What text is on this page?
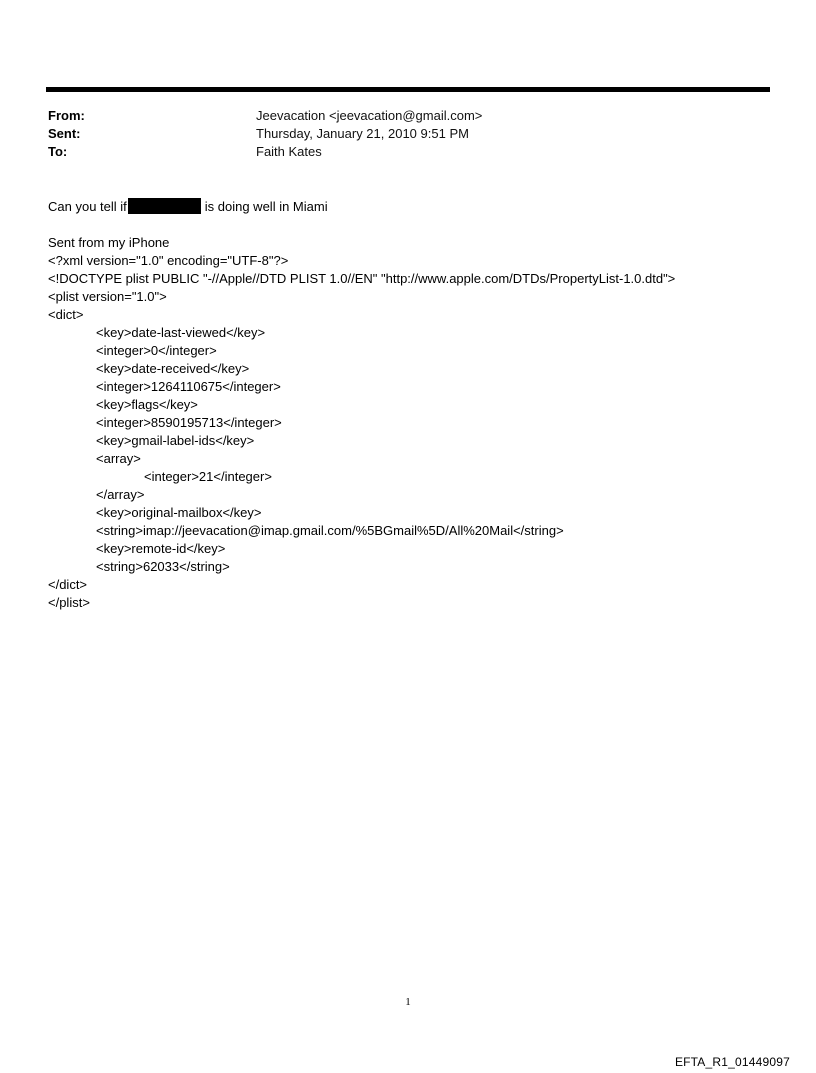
From:	Jeevacation <jeevacation@gmail.com>
Sent:	Thursday, January 21, 2010 9:51 PM
To:	Faith Kates
Can you tell if	is doing well in Miami
Sent from my iPhone
<?xml version="1.0" encoding="UTF-8"?>
<!DOCTYPE plist PUBLIC "-//Apple//DTD PLIST 1.0//EN" "http://www.apple.com/DTDs/PropertyList-1.0.dtd">
<plist version="1.0">
<dict>
<key>date-last-viewed</key>
<integer>0</integer>
<key>date-received</key>
<integer>1264110675</integer>
<key>flags</key>
<integer>8590195713</integer>
<key>gmail-label-ids</key>
<array>
<integer>21</integer>
</array>
<key>original-mailbox</key>
<string>imap://jeevacation@imap.gmail.com/%5BGmail%5D/All%20Mail</string>
<key>remote-id</key>
<string>62033</string>
</dict>
</plist>
1
EFTA_R1_01449097
